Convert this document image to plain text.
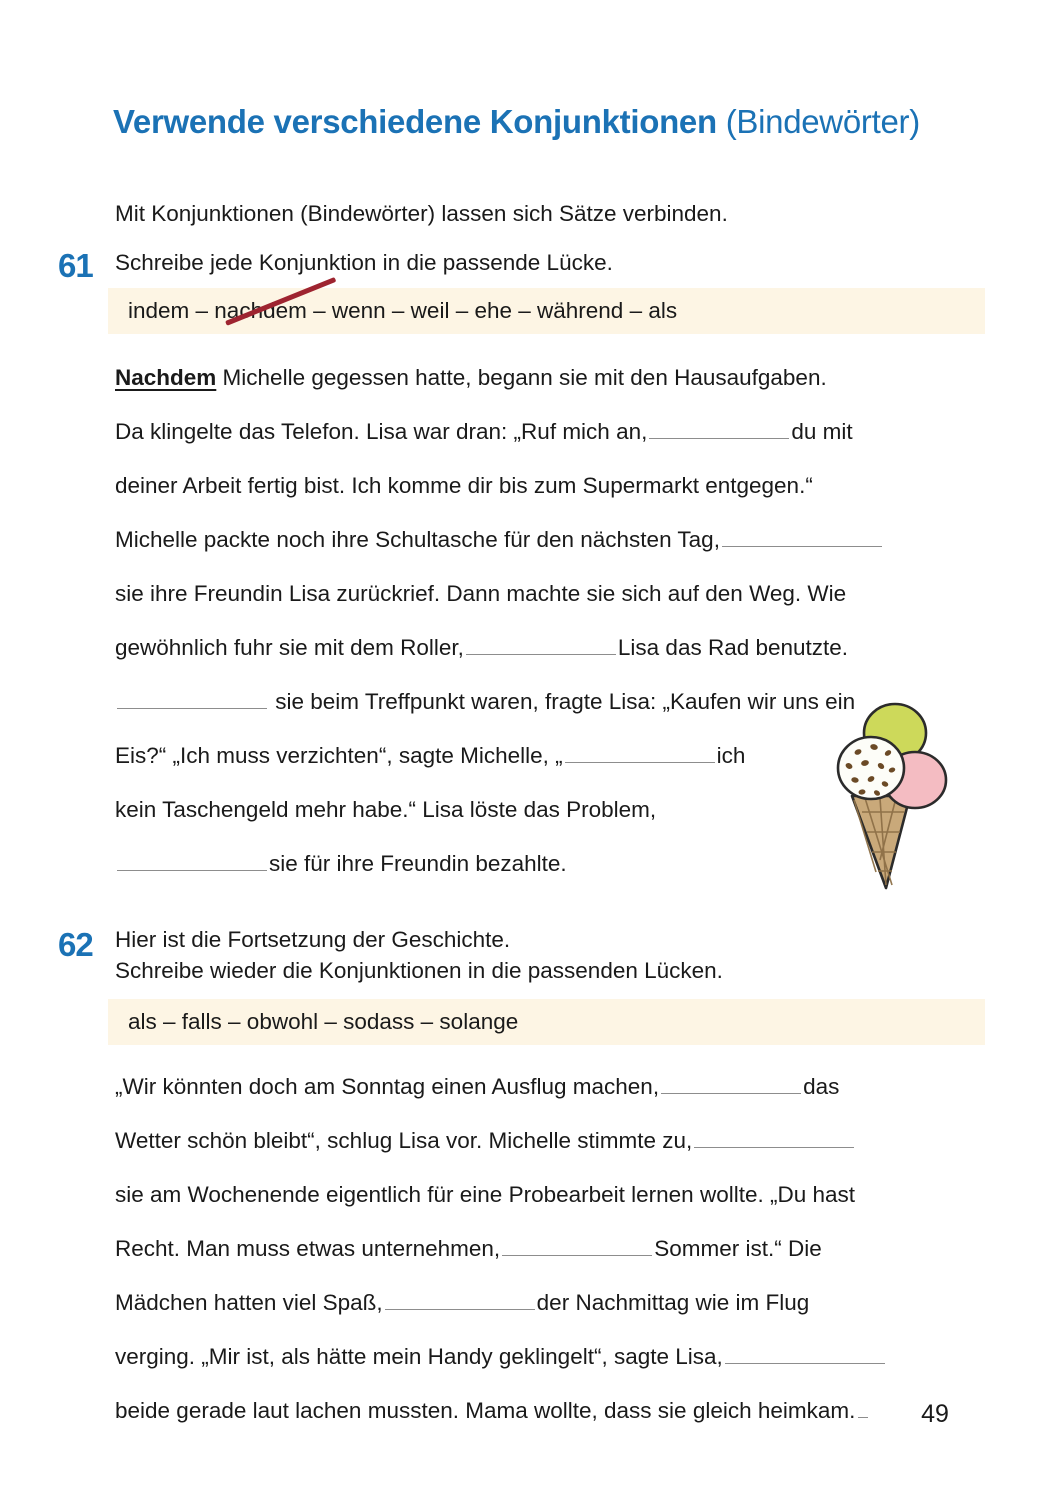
Verwende verschiedene Konjunktionen (Bindewörter)
Mit Konjunktionen (Bindewörter) lassen sich Sätze verbinden.
61 Schreibe jede Konjunktion in die passende Lücke.
indem – nachdem – wenn – weil – ehe – während – als
Nachdem Michelle gegessen hatte, begann sie mit den Hausaufgaben.
Da klingelte das Telefon. Lisa war dran: „Ruf mich an,	du mit
deiner Arbeit fertig bist. Ich komme dir bis zum Supermarkt entgegen.“
Michelle packte noch ihre Schultasche für den nächsten Tag,
sie ihre Freundin Lisa zurückrief. Dann machte sie sich auf den Weg. Wie
gewöhnlich fuhr sie mit dem Roller,	Lisa das Rad benutzte.
sie beim Treffpunkt waren, fragte Lisa: „Kaufen wir uns ein
Eis?“ „Ich muss verzichten“, sagte Michelle, „	ich
kein Taschengeld mehr habe.“ Lisa löste das Problem,
sie für ihre Freundin bezahlte.
62 Hier ist die Fortsetzung der Geschichte.
Schreibe wieder die Konjunktionen in die passenden Lücken.
als – falls – obwohl – sodass – solange
„Wir könnten doch am Sonntag einen Ausflug machen,	das
Wetter schön bleibt“, schlug Lisa vor. Michelle stimmte zu,
sie am Wochenende eigentlich für eine Probearbeit lernen wollte. „Du hast
Recht. Man muss etwas unternehmen,	Sommer ist.“ Die
Mädchen hatten viel Spaß,	der Nachmittag wie im Flug
verging. „Mir ist, als hätte mein Handy geklingelt“, sagte Lisa,
beide gerade laut lachen mussten. Mama wollte, dass sie gleich heimkam.	49
